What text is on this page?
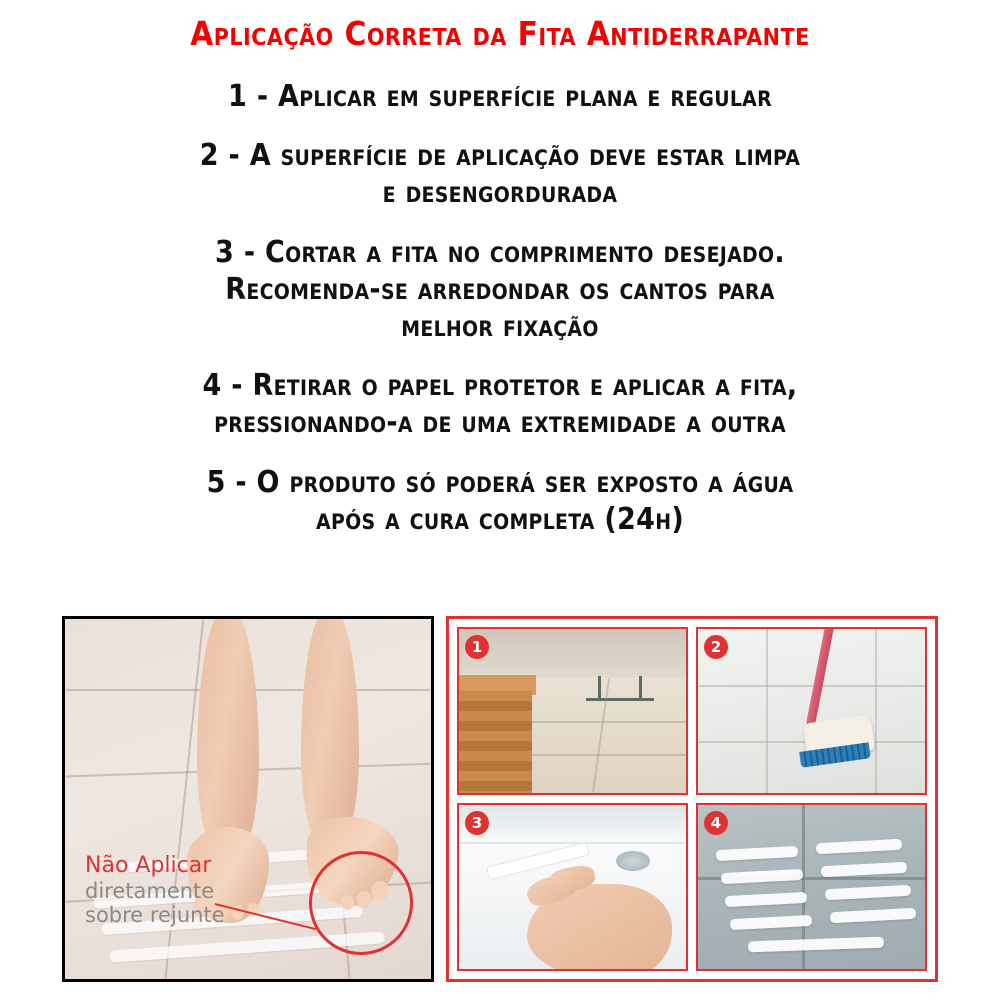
Aplicação Correta da Fita Antiderrapante
1 - Aplicar em superfície plana e regular
2 - A superfície de aplicação deve estar limpa
e desengordurada
3 - Cortar a fita no comprimento desejado.
Recomenda-se arredondar os cantos para
melhor fixação
4 - Retirar o papel protetor e aplicar a fita,
pressionando-a de uma extremidade a outra
5 - O produto só poderá ser exposto a água
após a cura completa (24h)
Não Aplicar
diretamente
sobre rejunte
1	2
3	4
